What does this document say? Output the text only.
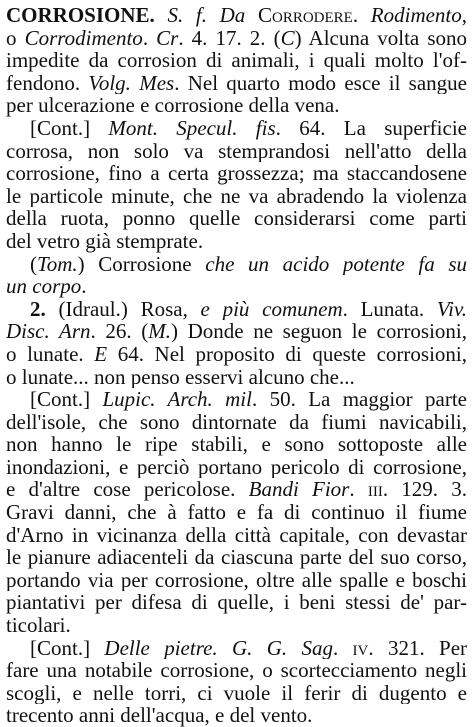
CORROSIONE. S. f. Da Corrodere. Rodimento,
o Corrodimento. Cr. 4. 17. 2. (C) Alcuna volta sono
impedite da corrosion di animali, i quali molto l'of-
fendono. Volg. Mes. Nel quarto modo esce il sangue
per ulcerazione e corrosione della vena.
[Cont.] Mont. Specul. fis. 64. La superficie
corrosa, non solo va stemprandosi nell'atto della
corrosione, fino a certa grossezza; ma staccandosene
le particole minute, che ne va abradendo la violenza
della ruota, ponno quelle considerarsi come parti
del vetro già stemprate.
(Tom.) Corrosione che un acido potente fa su
un corpo.
2. (Idraul.) Rosa, e più comunem. Lunata. Viv.
Disc. Arn. 26. (M.) Donde ne seguon le corrosioni,
o lunate. E 64. Nel proposito di queste corrosioni,
o lunate... non penso esservi alcuno che...
[Cont.] Lupic. Arch. mil. 50. La maggior parte
dell'isole, che sono dintornate da fiumi navicabili,
non hanno le ripe stabili, e sono sottoposte alle
inondazioni, e perciò portano pericolo di corrosione,
e d'altre cose pericolose. Bandi Fior. iii. 129. 3.
Gravi danni, che à fatto e fa di continuo il fiume
d'Arno in vicinanza della città capitale, con devastar
le pianure adiacenteli da ciascuna parte del suo corso,
portando via per corrosione, oltre alle spalle e boschi
piantativi per difesa di quelle, i beni stessi de' par-
ticolari.
[Cont.] Delle pietre. G. G. Sag. iv. 321. Per
fare una notabile corrosione, o scortecciamento negli
scogli, e nelle torri, ci vuole il ferir di dugento e
trecento anni dell'acqua, e del vento.
